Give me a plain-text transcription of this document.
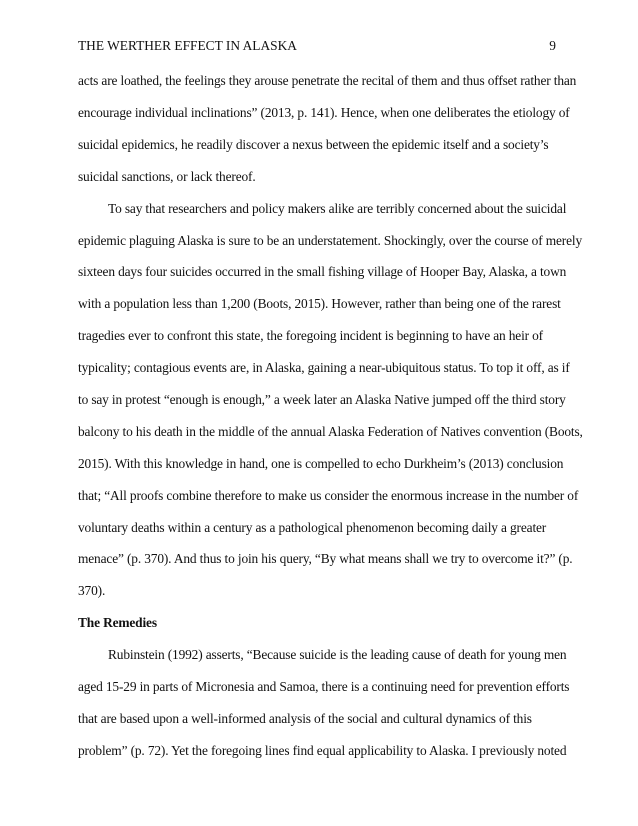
THE WERTHER EFFECT IN ALASKA	9
acts are loathed, the feelings they arouse penetrate the recital of them and thus offset rather than
encourage individual inclinations” (2013, p. 141). Hence, when one deliberates the etiology of
suicidal epidemics, he readily discover a nexus between the epidemic itself and a society’s
suicidal sanctions, or lack thereof.
To say that researchers and policy makers alike are terribly concerned about the suicidal
epidemic plaguing Alaska is sure to be an understatement. Shockingly, over the course of merely
sixteen days four suicides occurred in the small fishing village of Hooper Bay, Alaska, a town
with a population less than 1,200 (Boots, 2015). However, rather than being one of the rarest
tragedies ever to confront this state, the foregoing incident is beginning to have an heir of
typicality; contagious events are, in Alaska, gaining a near-ubiquitous status. To top it off, as if
to say in protest “enough is enough,” a week later an Alaska Native jumped off the third story
balcony to his death in the middle of the annual Alaska Federation of Natives convention (Boots,
2015). With this knowledge in hand, one is compelled to echo Durkheim’s (2013) conclusion
that; “All proofs combine therefore to make us consider the enormous increase in the number of
voluntary deaths within a century as a pathological phenomenon becoming daily a greater
menace” (p. 370). And thus to join his query, “By what means shall we try to overcome it?” (p.
370).
The Remedies
Rubinstein (1992) asserts, “Because suicide is the leading cause of death for young men
aged 15-29 in parts of Micronesia and Samoa, there is a continuing need for prevention efforts
that are based upon a well-informed analysis of the social and cultural dynamics of this
problem” (p. 72). Yet the foregoing lines find equal applicability to Alaska. I previously noted
